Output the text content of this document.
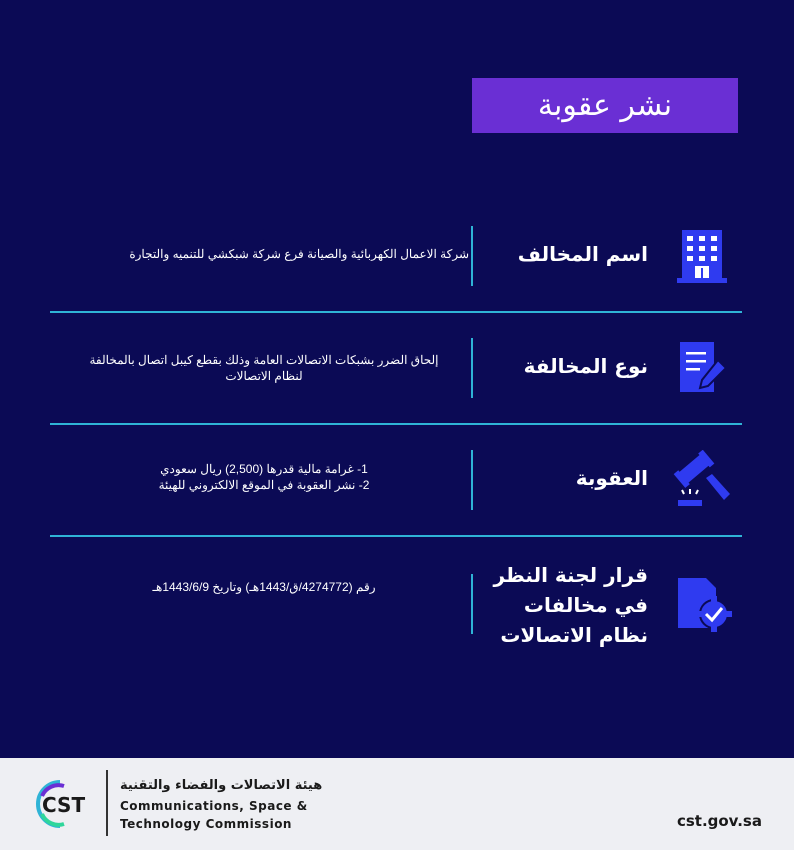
نشر عقوبة
اسم المخالف
شركة الاعمال الكهربائية والصيانة فرع شركة شبكشي للتنميه والتجارة
نوع المخالفة
إلحاق الضرر بشبكات الاتصالات العامة وذلك بقطع كيبل اتصال بالمخالفة
لنظام الاتصالات
العقوبة
1- غرامة مالية قدرها (2,500) ريال سعودي
2- نشر العقوبة في الموقع الالكتروني للهيئة
قرار لجنة النظر
في مخالفات
نظام الاتصالات
رقم (4274772/ق/1443هـ) وتاريخ 1443/6/9هـ
CST
هيئة الاتصالات والفضاء والتقنية
Communications, Space &
Technology Commission	cst.gov.sa
